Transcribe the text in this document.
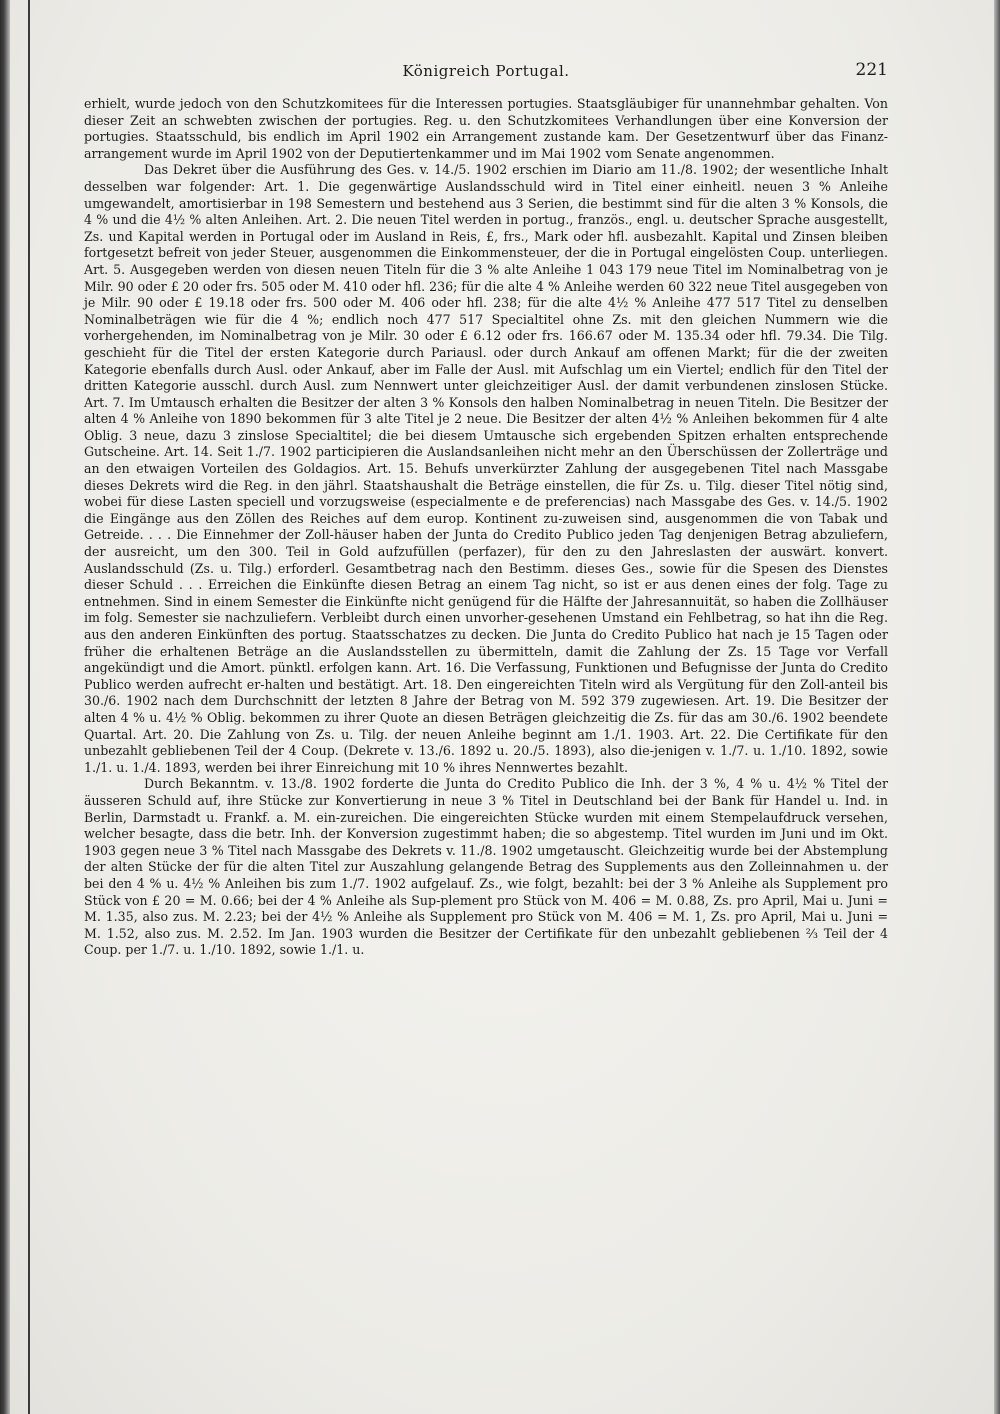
Königreich Portugal.	221

erhielt, wurde jedoch von den Schutzkomitees für die Interessen portugies. Staatsgläubiger für unannehmbar gehalten. Von dieser Zeit an schwebten zwischen der portugies. Reg. u. den Schutzkomitees Verhandlungen über eine Konversion der portugies. Staatsschuld, bis endlich im April 1902 ein Arrangement zustande kam. Der Gesetzentwurf über das Finanz-arrangement wurde im April 1902 von der Deputiertenkammer und im Mai 1902 vom Senate angenommen.

Das Dekret über die Ausführung des Ges. v. 14./5. 1902 erschien im Diario am 11./8. 1902; der wesentliche Inhalt desselben war folgender: Art. 1. Die gegenwärtige Auslandsschuld wird in Titel einer einheitl. neuen 3 % Anleihe umgewandelt, amortisierbar in 198 Semestern und bestehend aus 3 Serien, die bestimmt sind für die alten 3 % Konsols, die 4 % und die 4½ % alten Anleihen. Art. 2. Die neuen Titel werden in portug., französ., engl. u. deutscher Sprache ausgestellt, Zs. und Kapital werden in Portugal oder im Ausland in Reis, £, frs., Mark oder hfl. ausbezahlt. Kapital und Zinsen bleiben fortgesetzt befreit von jeder Steuer, ausgenommen die Einkommensteuer, der die in Portugal eingelösten Coup. unterliegen. Art. 5. Ausgegeben werden von diesen neuen Titeln für die 3 % alte Anleihe 1 043 179 neue Titel im Nominalbetrag von je Milr. 90 oder £ 20 oder frs. 505 oder M. 410 oder hfl. 236; für die alte 4 % Anleihe werden 60 322 neue Titel ausgegeben von je Milr. 90 oder £ 19.18 oder frs. 500 oder M. 406 oder hfl. 238; für die alte 4½ % Anleihe 477 517 Titel zu denselben Nominalbeträgen wie für die 4 %; endlich noch 477 517 Specialtitel ohne Zs. mit den gleichen Nummern wie die vorhergehenden, im Nominalbetrag von je Milr. 30 oder £ 6.12 oder frs. 166.67 oder M. 135.34 oder hfl. 79.34. Die Tilg. geschieht für die Titel der ersten Kategorie durch Pariausl. oder durch Ankauf am offenen Markt; für die der zweiten Kategorie ebenfalls durch Ausl. oder Ankauf, aber im Falle der Ausl. mit Aufschlag um ein Viertel; endlich für den Titel der dritten Kategorie ausschl. durch Ausl. zum Nennwert unter gleichzeitiger Ausl. der damit verbundenen zinslosen Stücke. Art. 7. Im Umtausch erhalten die Besitzer der alten 3 % Konsols den halben Nominalbetrag in neuen Titeln. Die Besitzer der alten 4 % Anleihe von 1890 bekommen für 3 alte Titel je 2 neue. Die Besitzer der alten 4½ % Anleihen bekommen für 4 alte Oblig. 3 neue, dazu 3 zinslose Specialtitel; die bei diesem Umtausche sich ergebenden Spitzen erhalten entsprechende Gutscheine. Art. 14. Seit 1./7. 1902 participieren die Auslandsanleihen nicht mehr an den Überschüssen der Zollerträge und an den etwaigen Vorteilen des Goldagios. Art. 15. Behufs unverkürzter Zahlung der ausgegebenen Titel nach Massgabe dieses Dekrets wird die Reg. in den jährl. Staatshaushalt die Beträge einstellen, die für Zs. u. Tilg. dieser Titel nötig sind, wobei für diese Lasten speciell und vorzugsweise (especialmente e de preferencias) nach Massgabe des Ges. v. 14./5. 1902 die Eingänge aus den Zöllen des Reiches auf dem europ. Kontinent zu-zuweisen sind, ausgenommen die von Tabak und Getreide. . . . Die Einnehmer der Zoll-häuser haben der Junta do Credito Publico jeden Tag denjenigen Betrag abzuliefern, der ausreicht, um den 300. Teil in Gold aufzufüllen (perfazer), für den zu den Jahreslasten der auswärt. konvert. Auslandsschuld (Zs. u. Tilg.) erforderl. Gesamtbetrag nach den Bestimm. dieses Ges., sowie für die Spesen des Dienstes dieser Schuld . . . Erreichen die Einkünfte diesen Betrag an einem Tag nicht, so ist er aus denen eines der folg. Tage zu entnehmen. Sind in einem Semester die Einkünfte nicht genügend für die Hälfte der Jahresannuität, so haben die Zollhäuser im folg. Semester sie nachzuliefern. Verbleibt durch einen unvorher-gesehenen Umstand ein Fehlbetrag, so hat ihn die Reg. aus den anderen Einkünften des portug. Staatsschatzes zu decken. Die Junta do Credito Publico hat nach je 15 Tagen oder früher die erhaltenen Beträge an die Auslandsstellen zu übermitteln, damit die Zahlung der Zs. 15 Tage vor Verfall angekündigt und die Amort. pünktl. erfolgen kann. Art. 16. Die Verfassung, Funktionen und Befugnisse der Junta do Credito Publico werden aufrecht er-halten und bestätigt. Art. 18. Den eingereichten Titeln wird als Vergütung für den Zoll-anteil bis 30./6. 1902 nach dem Durchschnitt der letzten 8 Jahre der Betrag von M. 592 379 zugewiesen. Art. 19. Die Besitzer der alten 4 % u. 4½ % Oblig. bekommen zu ihrer Quote an diesen Beträgen gleichzeitig die Zs. für das am 30./6. 1902 beendete Quartal. Art. 20. Die Zahlung von Zs. u. Tilg. der neuen Anleihe beginnt am 1./1. 1903. Art. 22. Die Certifikate für den unbezahlt gebliebenen Teil der 4 Coup. (Dekrete v. 13./6. 1892 u. 20./5. 1893), also die-jenigen v. 1./7. u. 1./10. 1892, sowie 1./1. u. 1./4. 1893, werden bei ihrer Einreichung mit 10 % ihres Nennwertes bezahlt.

Durch Bekanntm. v. 13./8. 1902 forderte die Junta do Credito Publico die Inh. der 3 %, 4 % u. 4½ % Titel der äusseren Schuld auf, ihre Stücke zur Konvertierung in neue 3 % Titel in Deutschland bei der Bank für Handel u. Ind. in Berlin, Darmstadt u. Frankf. a. M. ein-zureichen. Die eingereichten Stücke wurden mit einem Stempelaufdruck versehen, welcher besagte, dass die betr. Inh. der Konversion zugestimmt haben; die so abgestemp. Titel wurden im Juni und im Okt. 1903 gegen neue 3 % Titel nach Massgabe des Dekrets v. 11./8. 1902 umgetauscht. Gleichzeitig wurde bei der Abstemplung der alten Stücke der für die alten Titel zur Auszahlung gelangende Betrag des Supplements aus den Zolleinnahmen u. der bei den 4 % u. 4½ % Anleihen bis zum 1./7. 1902 aufgelauf. Zs., wie folgt, bezahlt: bei der 3 % Anleihe als Supplement pro Stück von £ 20 = M. 0.66; bei der 4 % Anleihe als Sup-plement pro Stück von M. 406 = M. 0.88, Zs. pro April, Mai u. Juni = M. 1.35, also zus. M. 2.23; bei der 4½ % Anleihe als Supplement pro Stück von M. 406 = M. 1, Zs. pro April, Mai u. Juni = M. 1.52, also zus. M. 2.52. Im Jan. 1903 wurden die Besitzer der Certifikate für den unbezahlt gebliebenen ⅔ Teil der 4 Coup. per 1./7. u. 1./10. 1892, sowie 1./1. u.
